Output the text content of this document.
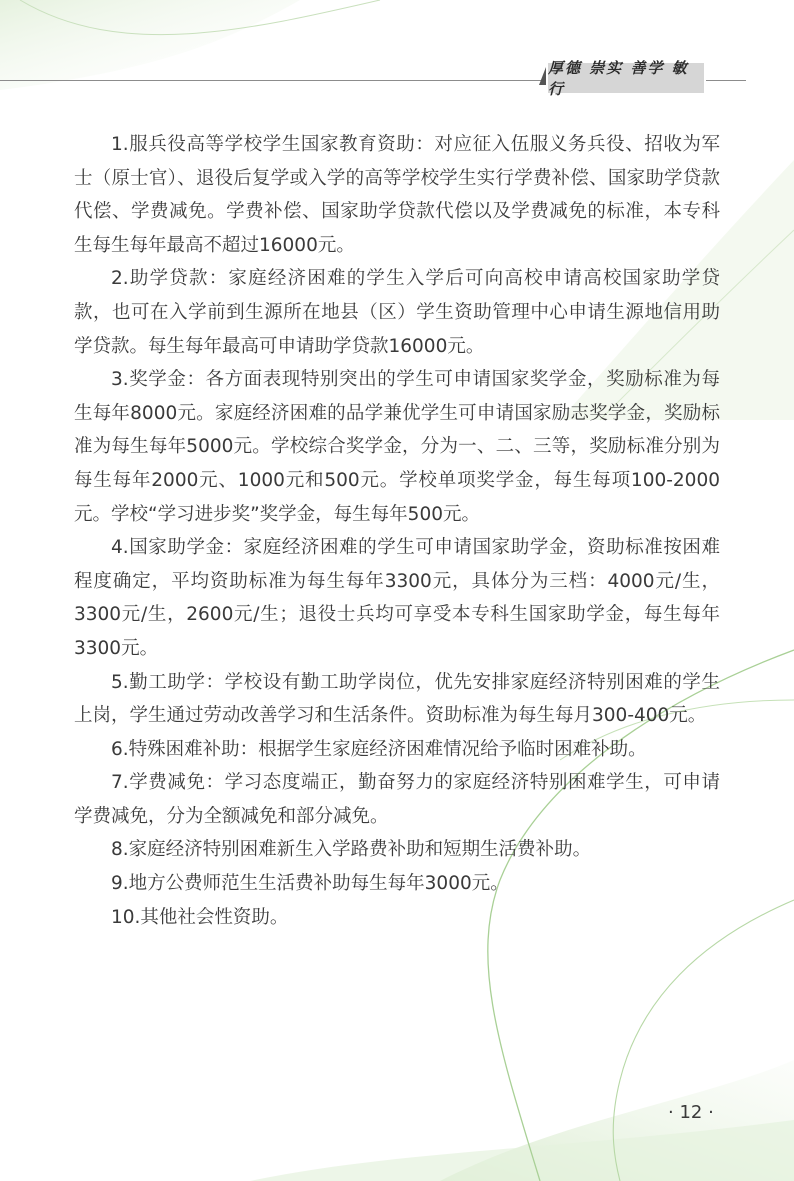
厚德 崇实 善学 敏行

1.服兵役高等学校学生国家教育资助：对应征入伍服义务兵役、招收为军士（原士官）、退役后复学或入学的高等学校学生实行学费补偿、国家助学贷款代偿、学费减免。学费补偿、国家助学贷款代偿以及学费减免的标准，本专科生每生每年最高不超过16000元。

2.助学贷款：家庭经济困难的学生入学后可向高校申请高校国家助学贷款，也可在入学前到生源所在地县（区）学生资助管理中心申请生源地信用助学贷款。每生每年最高可申请助学贷款16000元。

3.奖学金：各方面表现特别突出的学生可申请国家奖学金，奖励标准为每生每年8000元。家庭经济困难的品学兼优学生可申请国家励志奖学金，奖励标准为每生每年5000元。学校综合奖学金，分为一、二、三等，奖励标准分别为每生每年2000元、1000元和500元。学校单项奖学金，每生每项100-2000元。学校“学习进步奖”奖学金，每生每年500元。

4.国家助学金：家庭经济困难的学生可申请国家助学金，资助标准按困难程度确定，平均资助标准为每生每年3300元，具体分为三档：4000元/生，3300元/生，2600元/生；退役士兵均可享受本专科生国家助学金，每生每年3300元。

5.勤工助学：学校设有勤工助学岗位，优先安排家庭经济特别困难的学生上岗，学生通过劳动改善学习和生活条件。资助标准为每生每月300-400元。

6.特殊困难补助：根据学生家庭经济困难情况给予临时困难补助。

7.学费减免：学习态度端正，勤奋努力的家庭经济特别困难学生，可申请学费减免，分为全额减免和部分减免。

8.家庭经济特别困难新生入学路费补助和短期生活费补助。

9.地方公费师范生生活费补助每生每年3000元。

10.其他社会性资助。

· 12 ·
